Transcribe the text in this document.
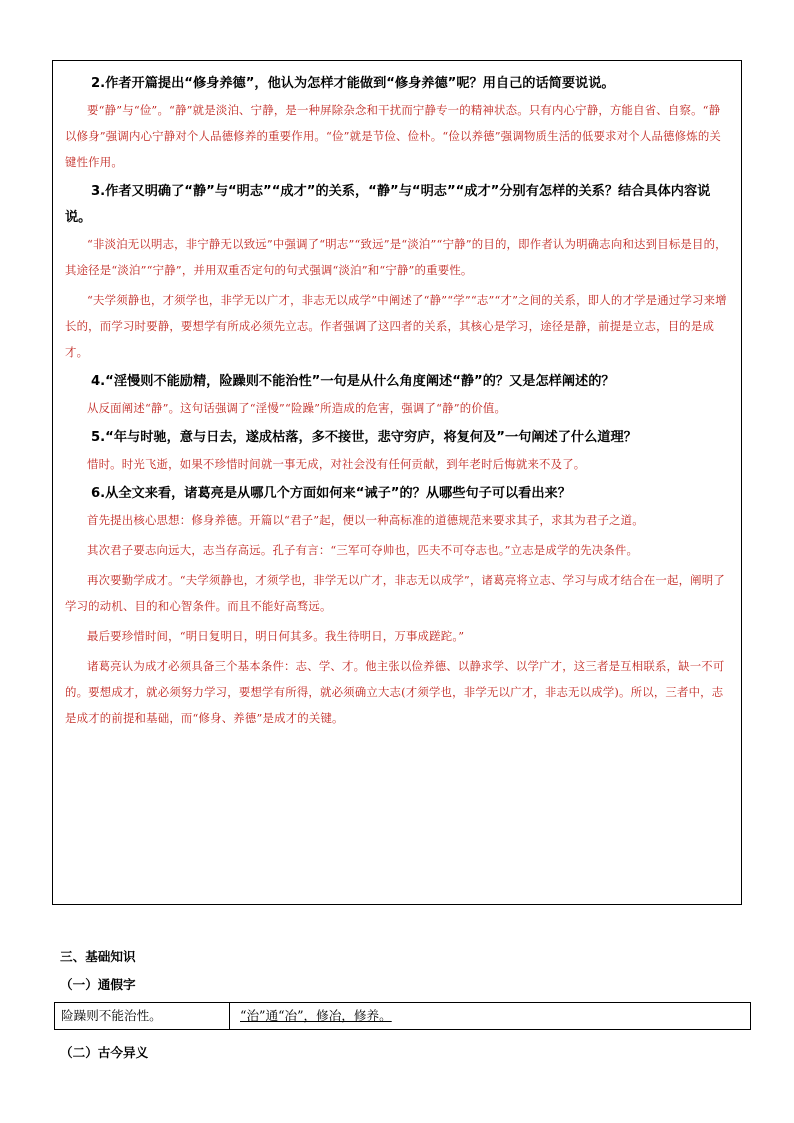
2.作者开篇提出“修身养德”，他认为怎样才能做到“修身养德”呢？用自己的话简要说说。

要“静”与“俭”。“静”就是淡泊、宁静，是一种屏除杂念和干扰而宁静专一的精神状态。只有内心宁静，方能自省、自察。“静以修身”强调内心宁静对个人品德修养的重要作用。“俭”就是节俭、俭朴。“俭以养德”强调物质生活的低要求对个人品德修炼的关键性作用。

3.作者又明确了“静”与“明志”“成才”的关系，“静”与“明志”“成才”分别有怎样的关系？结合具体内容说说。

“非淡泊无以明志，非宁静无以致远”中强调了“明志”“致远”是“淡泊”“宁静”的目的，即作者认为明确志向和达到目标是目的，其途径是“淡泊”“宁静”，并用双重否定句的句式强调“淡泊”和“宁静”的重要性。

“夫学须静也，才须学也，非学无以广才，非志无以成学”中阐述了“静”“学”“志”“才”之间的关系，即人的才学是通过学习来增长的，而学习时要静，要想学有所成必须先立志。作者强调了这四者的关系，其核心是学习，途径是静，前提是立志，目的是成才。

4.“淫慢则不能励精，险躁则不能治性”一句是从什么角度阐述“静”的？又是怎样阐述的？

从反面阐述“静”。这句话强调了“淫慢”“险躁”所造成的危害，强调了“静”的价值。

5.“年与时驰，意与日去，遂成枯落，多不接世，悲守穷庐，将复何及”一句阐述了什么道理？

惜时。时光飞逝，如果不珍惜时间就一事无成，对社会没有任何贡献，到年老时后悔就来不及了。

6.从全文来看，诸葛亮是从哪几个方面如何来“诫子”的？从哪些句子可以看出来？

首先提出核心思想：修身养德。开篇以“君子”起，便以一种高标准的道德规范来要求其子，求其为君子之道。

其次君子要志向远大，志当存高远。孔子有言：“三军可夺帅也，匹夫不可夺志也。”立志是成学的先决条件。

再次要勤学成才。“夫学须静也，才须学也，非学无以广才，非志无以成学”，诸葛亮将立志、学习与成才结合在一起，阐明了学习的动机、目的和心智条件。而且不能好高骛远。

最后要珍惜时间，“明日复明日，明日何其多。我生待明日，万事成蹉跎。”

诸葛亮认为成才必须具备三个基本条件：志、学、才。他主张以俭养德、以静求学、以学广才，这三者是互相联系，缺一不可的。要想成才，就必须努力学习，要想学有所得，就必须确立大志(才须学也，非学无以广才，非志无以成学)。所以，三者中，志是成才的前提和基础，而“修身、养德”是成才的关键。

三、基础知识
（一）通假字
险躁则不能治性。	“治”通“冶”，修冶，修养。
（二）古今异义
